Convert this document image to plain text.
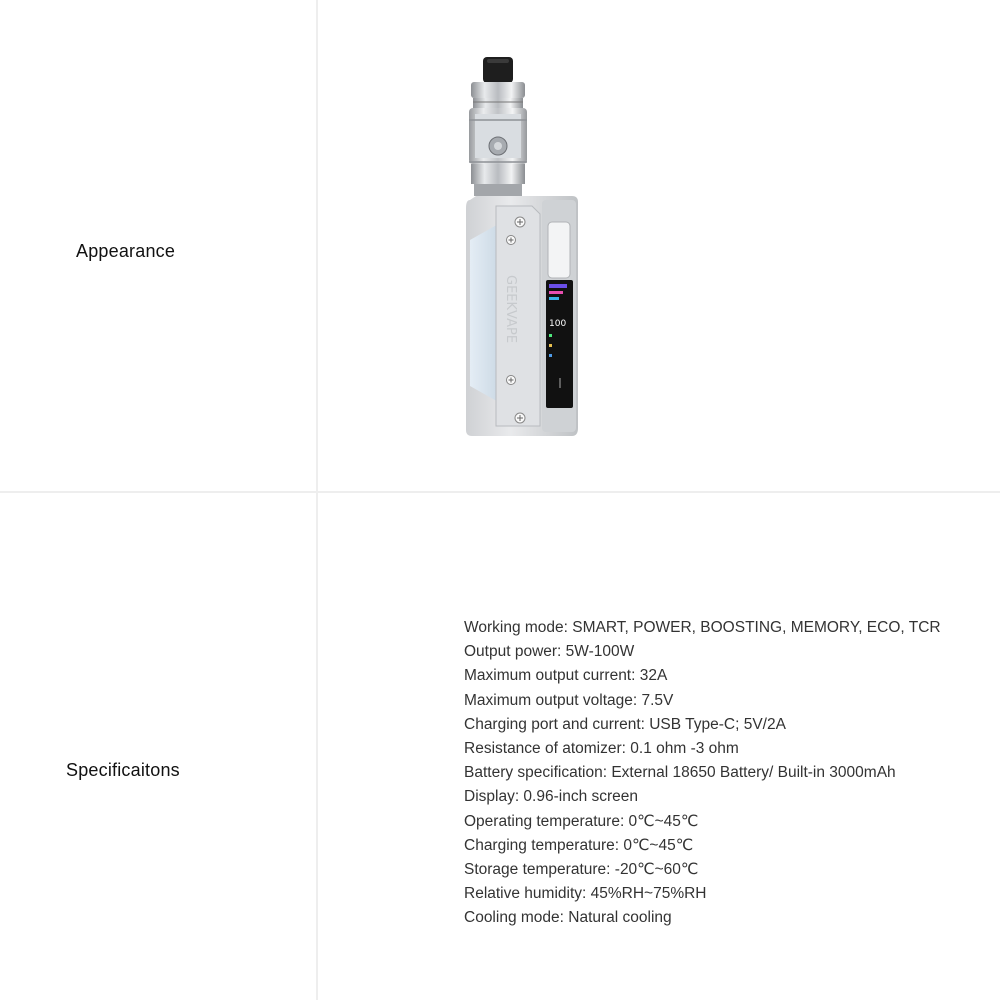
Appearance
Specificaitons
GEEKVAPE	100
Working mode: SMART, POWER, BOOSTING, MEMORY, ECO, TCR
Output power: 5W-100W
Maximum output current: 32A
Maximum output voltage: 7.5V
Charging port and current: USB Type-C; 5V/2A
Resistance of atomizer: 0.1 ohm -3 ohm
Battery specification: External 18650 Battery/ Built-in 3000mAh
Display: 0.96-inch screen
Operating temperature: 0℃~45℃
Charging temperature: 0℃~45℃
Storage temperature: -20℃~60℃
Relative humidity: 45%RH~75%RH
Cooling mode: Natural cooling
